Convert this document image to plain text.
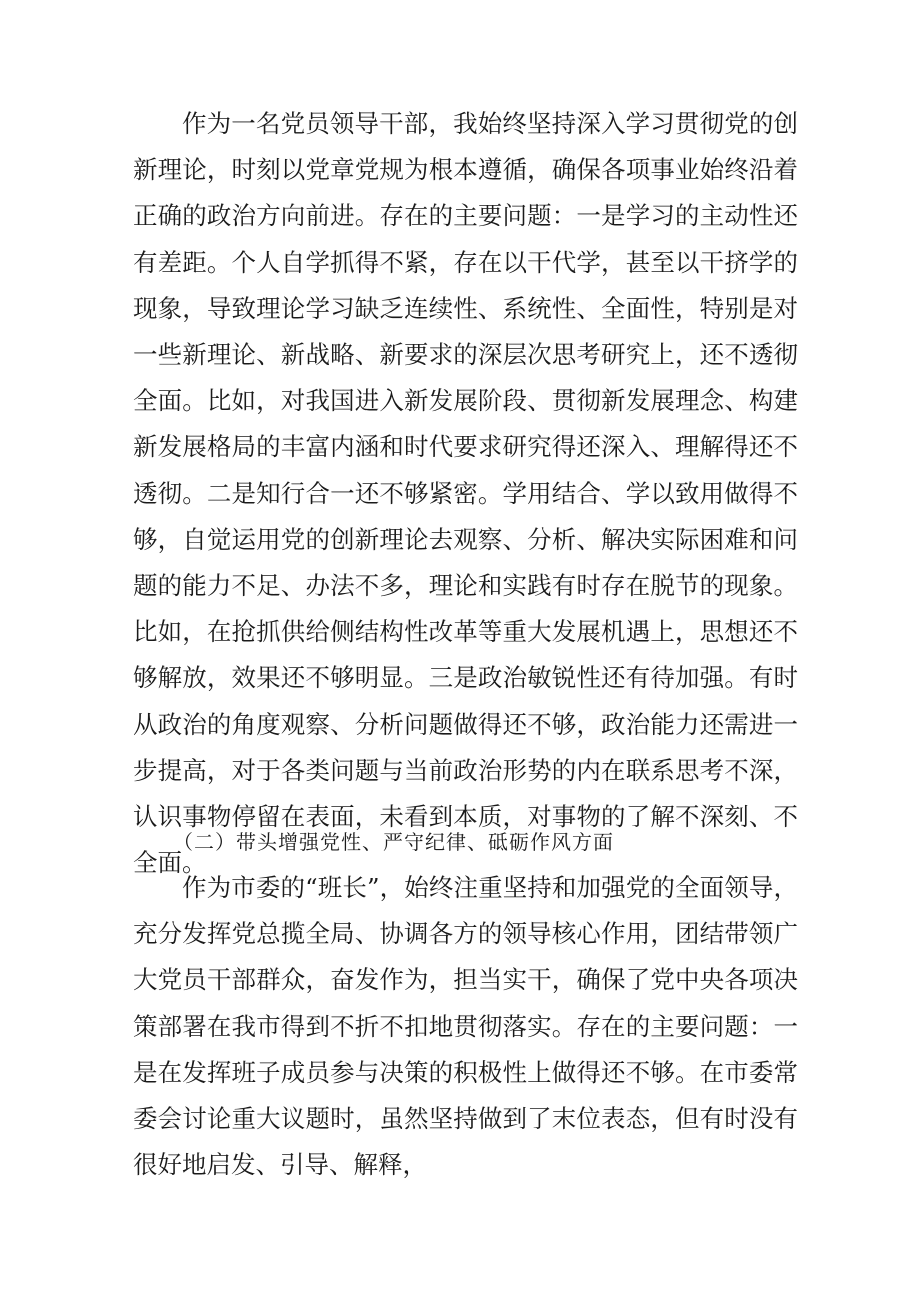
作为一名党员领导干部，我始终坚持深入学习贯彻党的创新理论，时刻以党章党规为根本遵循，确保各项事业始终沿着正确的政治方向前进。存在的主要问题：一是学习的主动性还有差距。个人自学抓得不紧，存在以干代学，甚至以干挤学的现象，导致理论学习缺乏连续性、系统性、全面性，特别是对一些新理论、新战略、新要求的深层次思考研究上，还不透彻全面。比如，对我国进入新发展阶段、贯彻新发展理念、构建新发展格局的丰富内涵和时代要求研究得还深入、理解得还不透彻。二是知行合一还不够紧密。学用结合、学以致用做得不够，自觉运用党的创新理论去观察、分析、解决实际困难和问题的能力不足、办法不多，理论和实践有时存在脱节的现象。比如，在抢抓供给侧结构性改革等重大发展机遇上，思想还不够解放，效果还不够明显。三是政治敏锐性还有待加强。有时从政治的角度观察、分析问题做得还不够，政治能力还需进一步提高，对于各类问题与当前政治形势的内在联系思考不深，认识事物停留在表面，未看到本质，对事物的了解不深刻、不全面。

（二）带头增强党性、严守纪律、砥砺作风方面

作为市委的“班长”，始终注重坚持和加强党的全面领导，充分发挥党总揽全局、协调各方的领导核心作用，团结带领广大党员干部群众，奋发作为，担当实干，确保了党中央各项决策部署在我市得到不折不扣地贯彻落实。存在的主要问题：一是在发挥班子成员参与决策的积极性上做得还不够。在市委常委会讨论重大议题时，虽然坚持做到了末位表态，但有时没有很好地启发、引导、解释，
